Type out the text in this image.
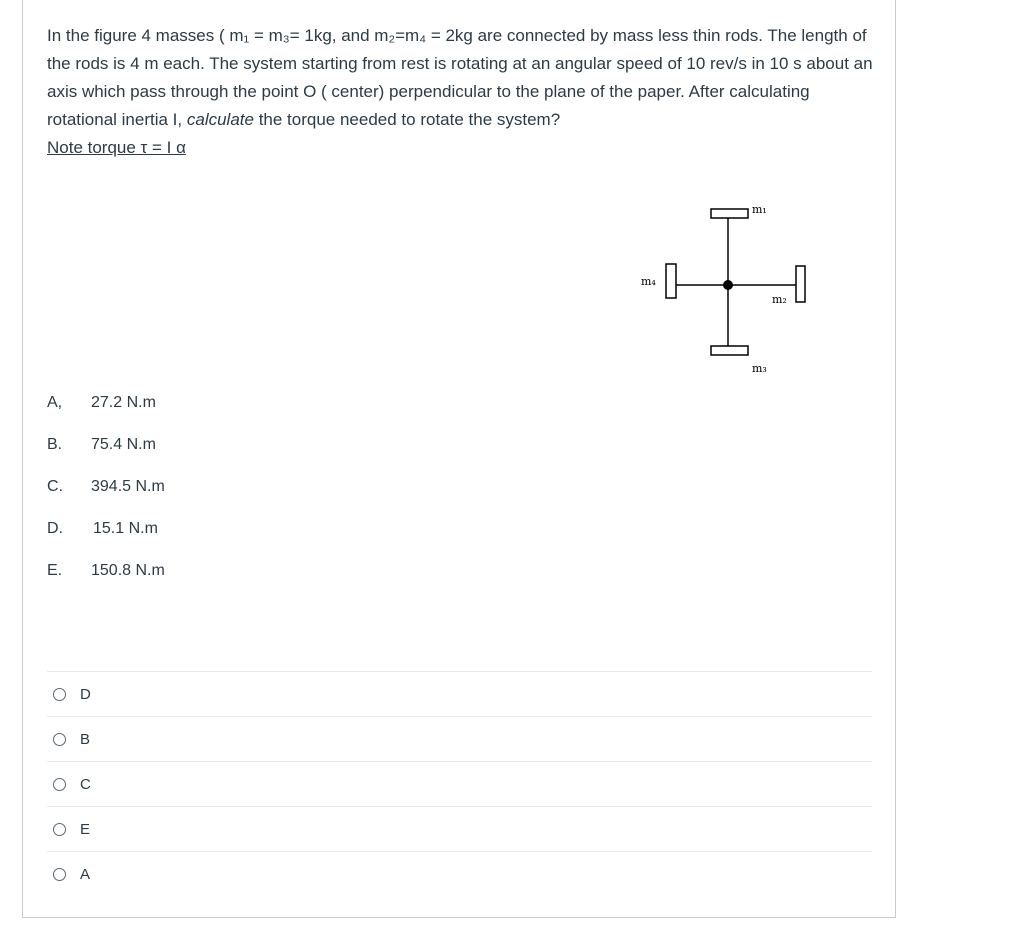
In the figure 4 masses ( m₁ = m₃= 1kg, and m₂=m₄ = 2kg are connected by mass less thin rods. The length of the rods is 4 m each. The system starting from rest is rotating at an angular speed of 10 rev/s in 10 s about an axis which pass through the point O ( center) perpendicular to the plane of the paper. After calculating rotational inertia I, calculate the torque needed to rotate the system?

Note torque τ = I α

m₁
m₂
m₃
m₄
A, 27.2 N.m
B. 75.4 N.m
C. 394.5 N.m
D. 15.1 N.m
E. 150.8 N.m
D
B
C
E
A
